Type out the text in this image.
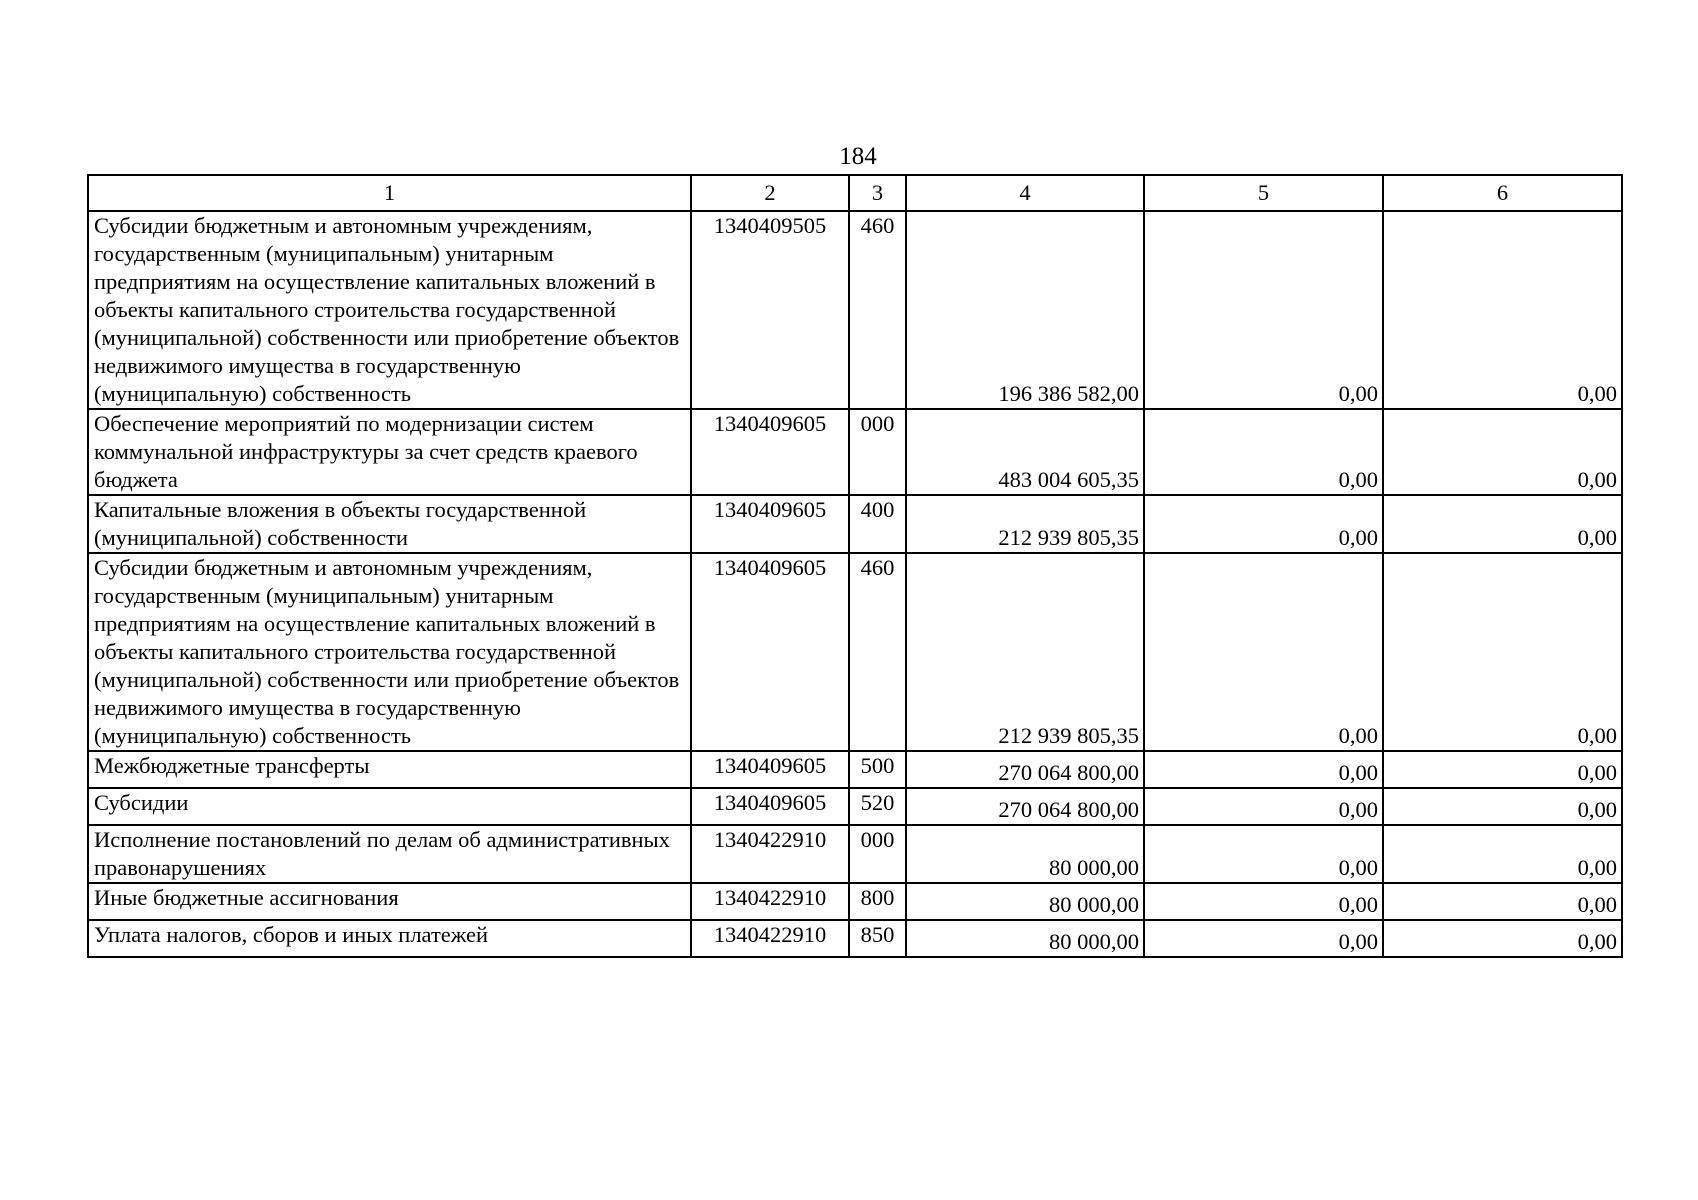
184
1	2	3	4	5	6
Субсидии бюджетным и автономным учреждениям, государственным (муниципальным) унитарным предприятиям на осуществление капитальных вложений в объекты капитального строительства государственной (муниципальной) собственности или приобретение объектов недвижимого имущества в государственную (муниципальную) собственность	1340409505	460	196 386 582,00	0,00	0,00
Обеспечение мероприятий по модернизации систем коммунальной инфраструктуры за счет средств краевого бюджета	1340409605	000	483 004 605,35	0,00	0,00
Капитальные вложения в объекты государственной (муниципальной) собственности	1340409605	400	212 939 805,35	0,00	0,00
Субсидии бюджетным и автономным учреждениям, государственным (муниципальным) унитарным предприятиям на осуществление капитальных вложений в объекты капитального строительства государственной (муниципальной) собственности или приобретение объектов недвижимого имущества в государственную (муниципальную) собственность	1340409605	460	212 939 805,35	0,00	0,00
Межбюджетные трансферты	1340409605	500	270 064 800,00	0,00	0,00
Субсидии	1340409605	520	270 064 800,00	0,00	0,00
Исполнение постановлений по делам об административных правонарушениях	1340422910	000	80 000,00	0,00	0,00
Иные бюджетные ассигнования	1340422910	800	80 000,00	0,00	0,00
Уплата налогов, сборов и иных платежей	1340422910	850	80 000,00	0,00	0,00
